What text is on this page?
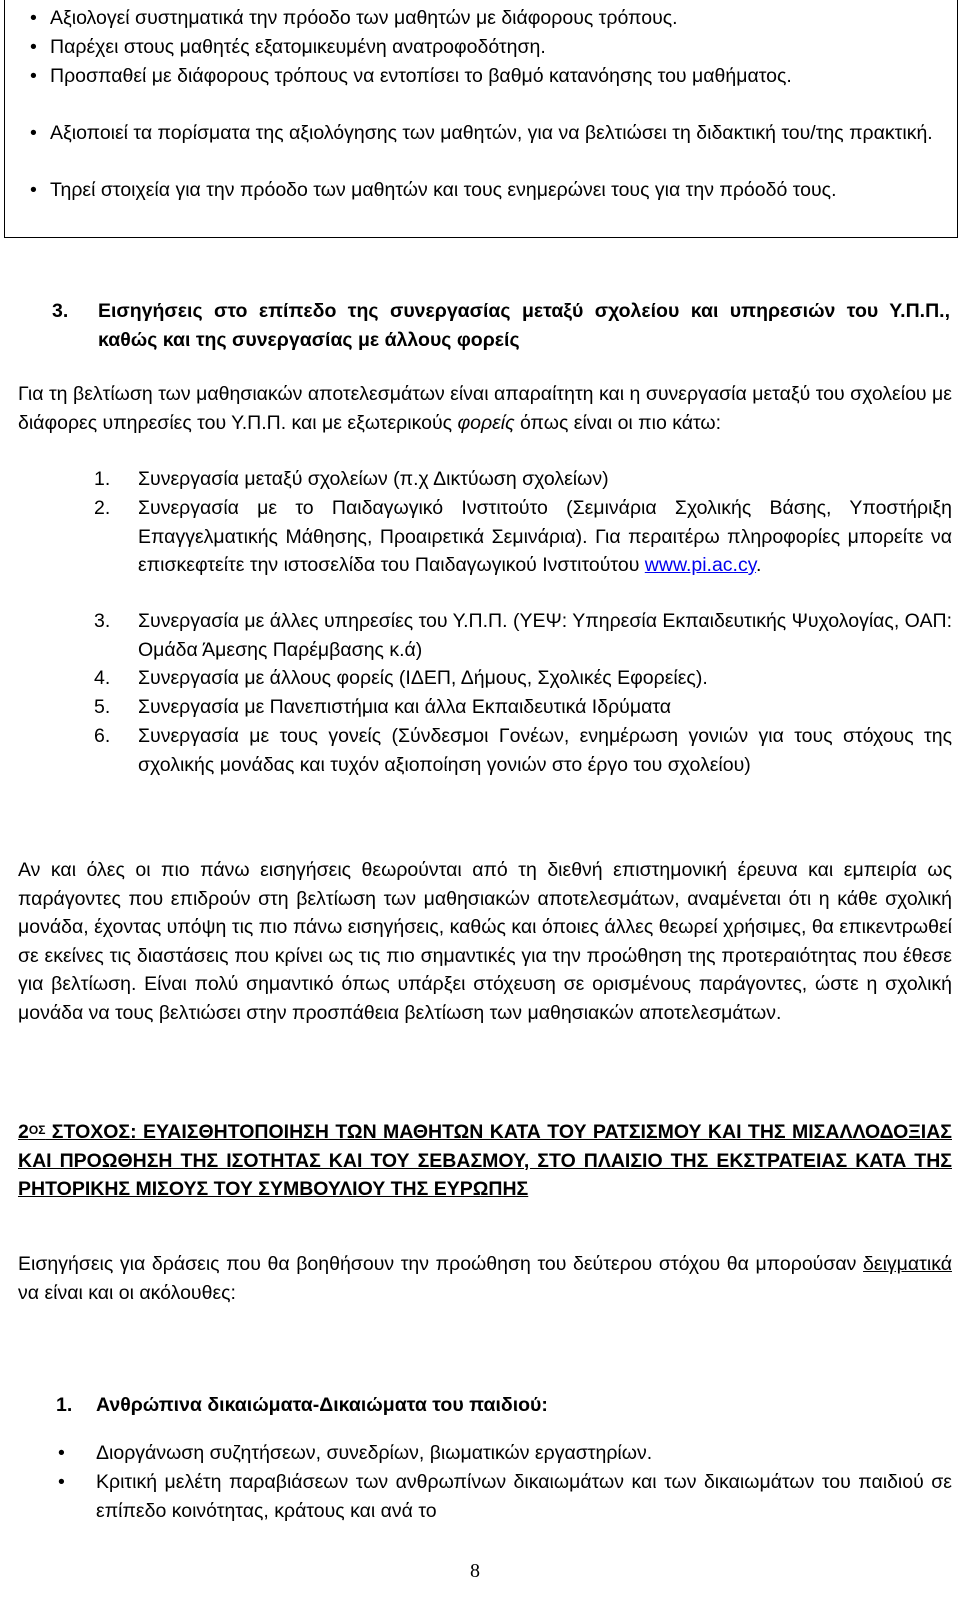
• Αξιολογεί συστηματικά την πρόοδο των μαθητών με διάφορους τρόπους.
• Παρέχει στους μαθητές εξατομικευμένη ανατροφοδότηση.
• Προσπαθεί με διάφορους τρόπους να εντοπίσει το βαθμό κατανόησης του μαθήματος.
• Αξιοποιεί τα πορίσματα της αξιολόγησης των μαθητών, για να βελτιώσει τη διδακτική του/της πρακτική.
• Τηρεί στοιχεία για την πρόοδο των μαθητών και τους ενημερώνει τους για την πρόοδό τους.
3. Εισηγήσεις στο επίπεδο της συνεργασίας μεταξύ σχολείου και υπηρεσιών του Υ.Π.Π., καθώς και της συνεργασίας με άλλους φορείς
Για τη βελτίωση των μαθησιακών αποτελεσμάτων είναι απαραίτητη και η συνεργασία μεταξύ του σχολείου με διάφορες υπηρεσίες του Υ.Π.Π. και με εξωτερικούς φορείς όπως είναι οι πιο κάτω:
1. Συνεργασία μεταξύ σχολείων (π.χ Δικτύωση σχολείων)
2. Συνεργασία με το Παιδαγωγικό Ινστιτούτο (Σεμινάρια Σχολικής Βάσης, Υποστήριξη Επαγγελματικής Μάθησης, Προαιρετικά Σεμινάρια). Για περαιτέρω πληροφορίες μπορείτε να επισκεφτείτε την ιστοσελίδα του Παιδαγωγικού Ινστιτούτου www.pi.ac.cy.
3. Συνεργασία με άλλες υπηρεσίες του Υ.Π.Π. (ΥΕΨ: Υπηρεσία Εκπαιδευτικής Ψυχολογίας, ΟΑΠ: Ομάδα Άμεσης Παρέμβασης κ.ά)
4. Συνεργασία με άλλους φορείς (ΙΔΕΠ, Δήμους, Σχολικές Εφορείες).
5. Συνεργασία με Πανεπιστήμια και άλλα Εκπαιδευτικά Ιδρύματα
6. Συνεργασία με τους γονείς (Σύνδεσμοι Γονέων, ενημέρωση γονιών για τους στόχους της σχολικής μονάδας και τυχόν αξιοποίηση γονιών στο έργο του σχολείου)
Αν και όλες οι πιο πάνω εισηγήσεις θεωρούνται από τη διεθνή επιστημονική έρευνα και εμπειρία ως παράγοντες που επιδρούν στη βελτίωση των μαθησιακών αποτελεσμάτων, αναμένεται ότι η κάθε σχολική μονάδα, έχοντας υπόψη τις πιο πάνω εισηγήσεις, καθώς και όποιες άλλες θεωρεί χρήσιμες, θα επικεντρωθεί σε εκείνες τις διαστάσεις που κρίνει ως τις πιο σημαντικές για την προώθηση της προτεραιότητας που έθεσε για βελτίωση. Είναι πολύ σημαντικό όπως υπάρξει στόχευση σε ορισμένους παράγοντες, ώστε η σχολική μονάδα να τους βελτιώσει στην προσπάθεια βελτίωση των μαθησιακών αποτελεσμάτων.
$2^{O\Sigma}$ ΣΤΟΧΟΣ: ΕΥΑΙΣΘΗΤΟΠΟΙΗΣΗ ΤΩΝ ΜΑΘΗΤΩΝ ΚΑΤΑ ΤΟΥ ΡΑΤΣΙΣΜΟΥ ΚΑΙ ΤΗΣ ΜΙΣΑΛΛΟΔΟΞΙΑΣ ΚΑΙ ΠΡΟΩΘΗΣΗ ΤΗΣ ΙΣΟΤΗΤΑΣ ΚΑΙ ΤΟΥ ΣΕΒΑΣΜΟΥ, ΣΤΟ ΠΛΑΙΣΙΟ ΤΗΣ ΕΚΣΤΡΑΤΕΙΑΣ ΚΑΤΑ ΤΗΣ ΡΗΤΟΡΙΚΗΣ ΜΙΣΟΥΣ ΤΟΥ ΣΥΜΒΟΥΛΙΟΥ ΤΗΣ ΕΥΡΩΠΗΣ
Εισηγήσεις για δράσεις που θα βοηθήσουν την προώθηση του δεύτερου στόχου θα μπορούσαν δειγματικά να είναι και οι ακόλουθες:
1. Ανθρώπινα δικαιώματα-Δικαιώματα του παιδιού:
• Διοργάνωση συζητήσεων, συνεδρίων, βιωματικών εργαστηρίων.
• Κριτική μελέτη παραβιάσεων των ανθρωπίνων δικαιωμάτων και των δικαιωμάτων του παιδιού σε επίπεδο κοινότητας, κράτους και ανά το
8
